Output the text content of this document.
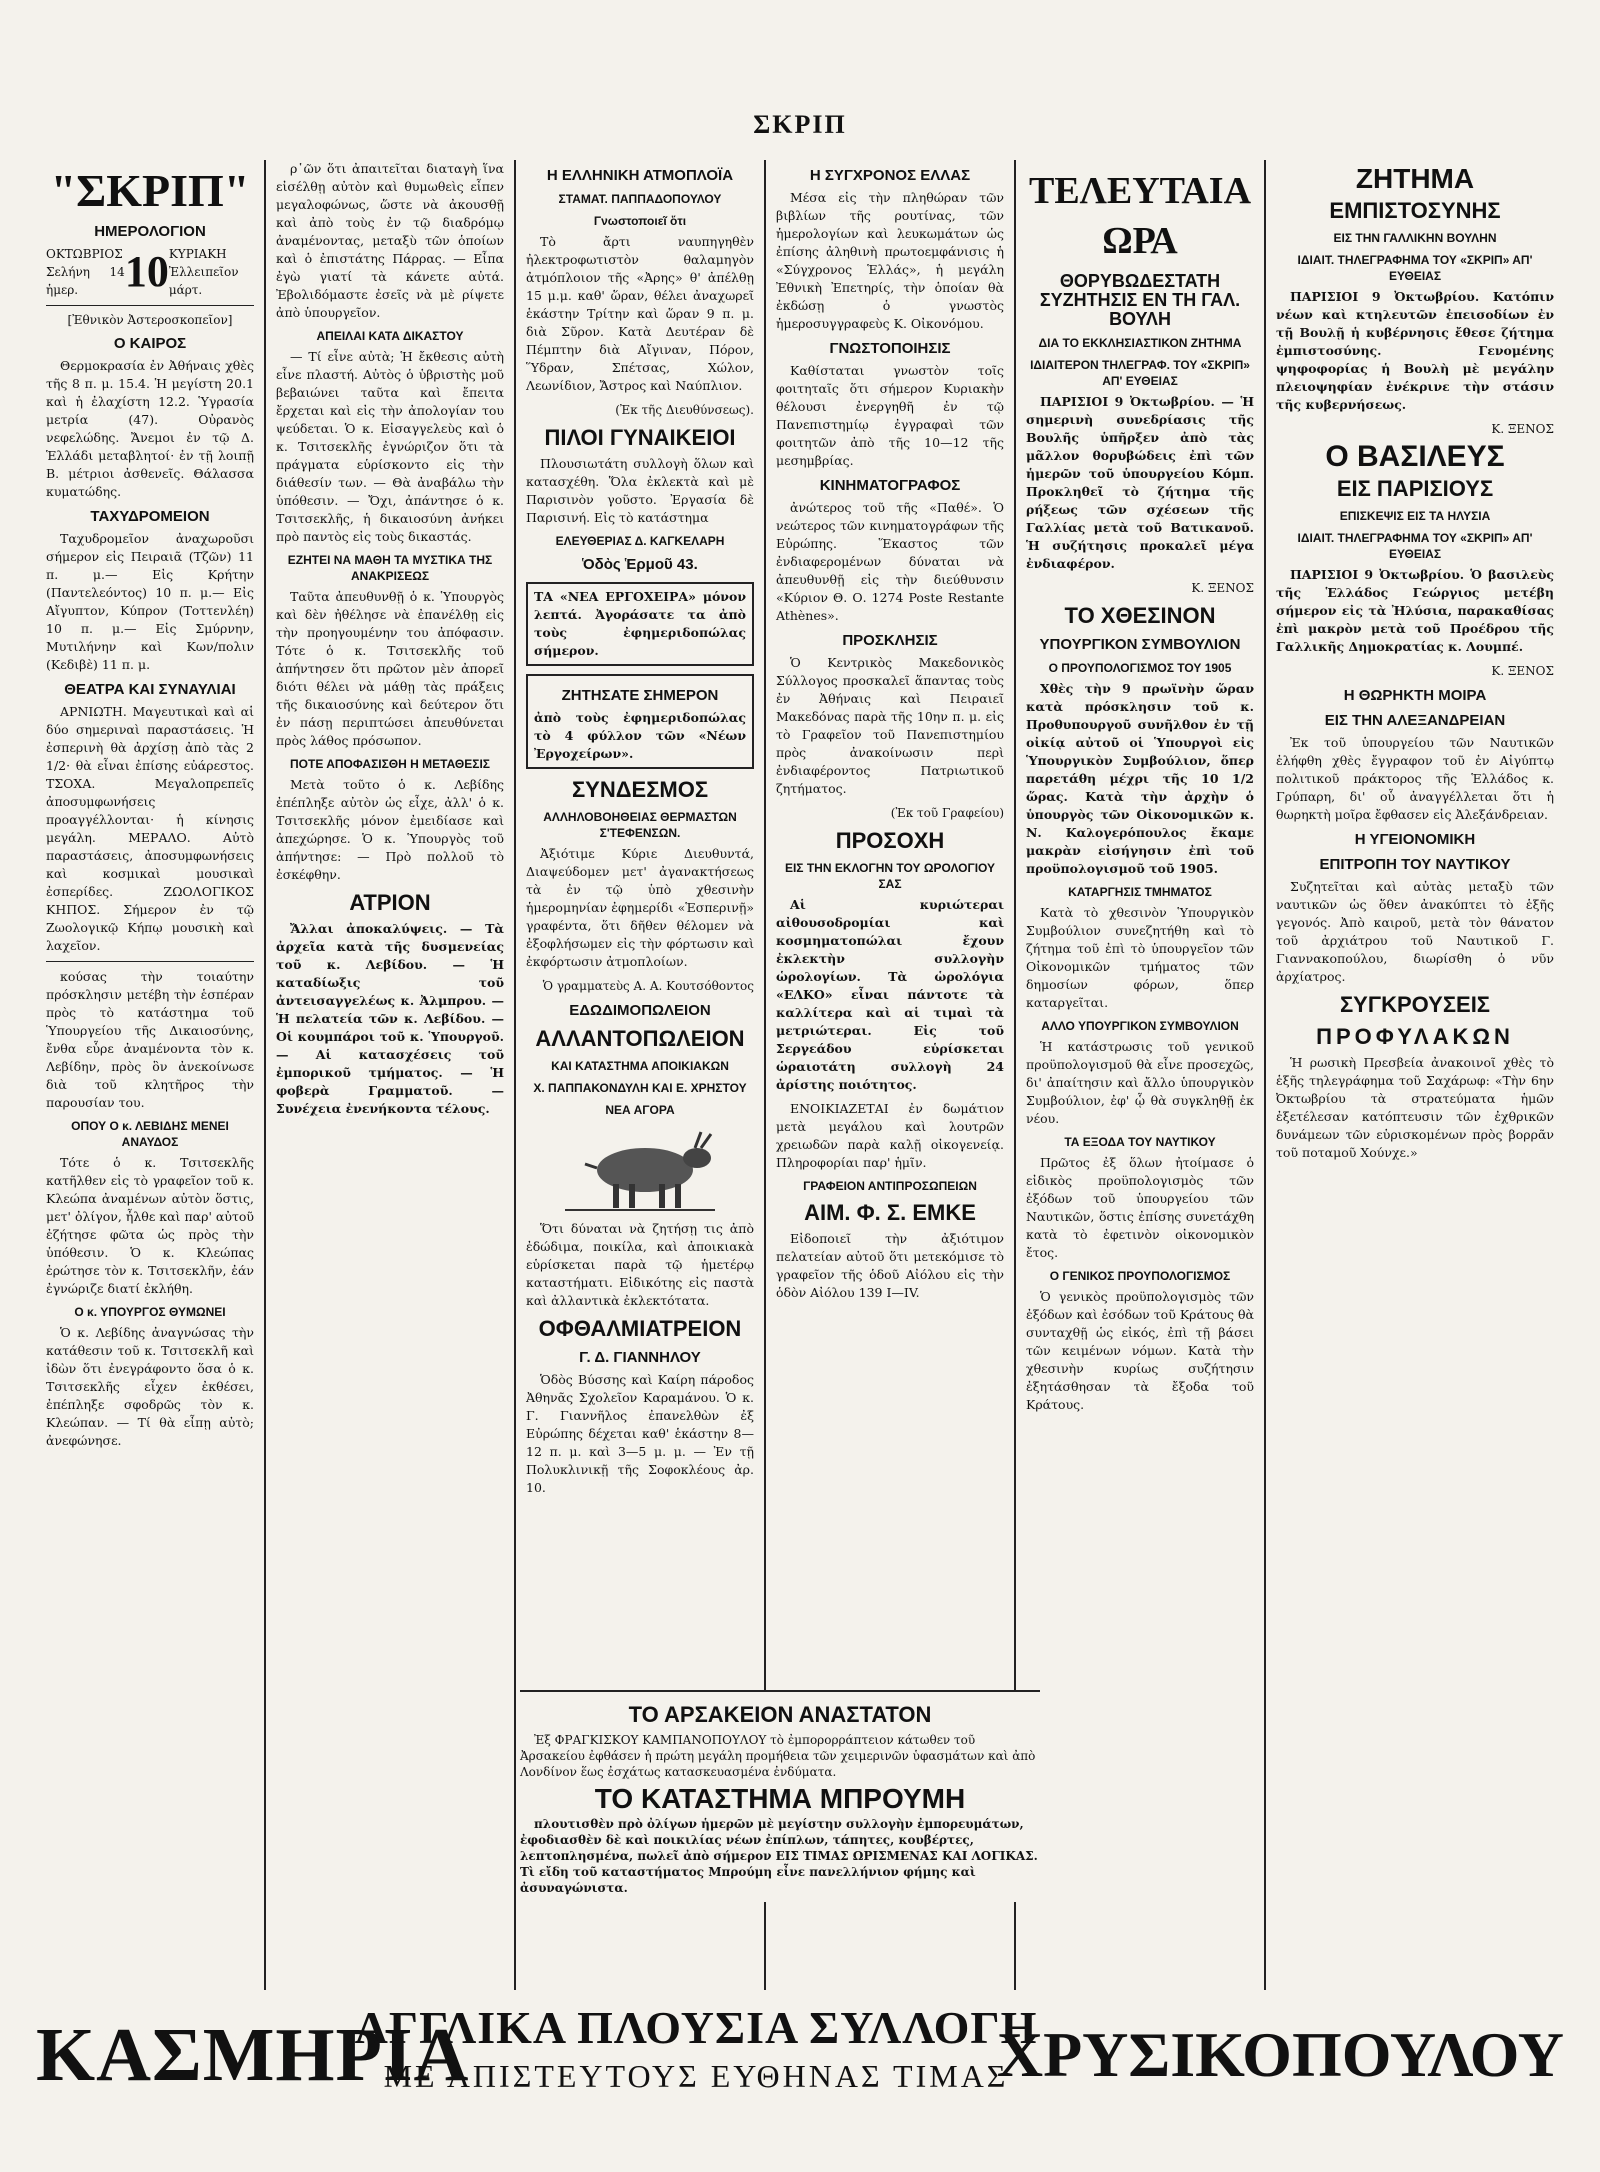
ΣΚΡΙΠ
"ΣΚΡΙΠ"
ΗΜΕΡΟΛΟΓΙΟΝ
ΟΚΤΩΒΡΙΟΣ
Σελήνη 14 ἡμερ.	10 ΚΥΡΙΑΚΗ
Ἐλλειπεῖον μάρτ.
[Ἐθνικὸν Ἀστεροσκοπεῖον]
Ο ΚΑΙΡΟΣ

Θερμοκρασία ἐν Ἀθήναις χθὲς τῆς 8 π. μ. 15.4. Ἡ μεγίστη 20.1 καὶ ἡ ἐλαχίστη 12.2. Ὑγρασία μετρία (47). Οὐρανὸς νεφελώδης. Ἄνεμοι ἐν τῷ Δ. Ἑλλάδι μεταβλητοί· ἐν τῇ λοιπῇ Β. μέτριοι ἀσθενεῖς. Θάλασσα κυματώδης.

ΤΑΧΥΔΡΟΜΕΙΟΝ

Ταχυδρομεῖον ἀναχωροῦσι σήμερον εἰς Πειραιᾶ (Τζῶν) 11 π. μ.— Εἰς Κρήτην (Παντελεόντος) 10 π. μ.— Εἰς Αἴγυπτον, Κύπρον (Τοττενλέη) 10 π. μ.— Εἰς Σμύρνην, Μυτιλήνην καὶ Κων/πολιν (Κεδιβὲ) 11 π. μ.

ΘΕΑΤΡΑ ΚΑΙ ΣΥΝΑΥΛΙΑΙ

ΑΡΝΙΩΤΗ. Μαγευτικαὶ καὶ αἱ δύο σημεριναὶ παραστάσεις. Ἡ ἐσπερινὴ θὰ ἀρχίσῃ ἀπὸ τὰς 2 1/2· θὰ εἶναι ἐπίσης εὐάρεστος. ΤΣΟΧΑ. Μεγαλοπρεπεῖς ἀποσυμφωνήσεις προαγγέλλονται· ἡ κίνησις μεγάλη. ΜΕΡΑΛΟ. Αὐτὸ παραστάσεις, ἀποσυμφωνήσεις καὶ κοσμικαὶ μουσικαὶ ἐσπερίδες. ΖΩΟΛΟΓΙΚΟΣ ΚΗΠΟΣ. Σήμερον ἐν τῷ Ζωολογικῷ Κήπῳ μουσικὴ καὶ λαχεῖον.

κούσας τὴν τοιαύτην πρόσκλησιν μετέβη τὴν ἑσπέραν πρὸς τὸ κατάστημα τοῦ Ὑπουργείου τῆς Δικαιοσύνης, ἔνθα εὗρε ἀναμένοντα τὸν κ. Λεβίδην, πρὸς ὃν ἀνεκοίνωσε διὰ τοῦ κλητῆρος τὴν παρουσίαν του.

ΟΠΟΥ Ο κ. ΛΕΒΙΔΗΣ ΜΕΝΕΙ ΑΝΑΥΔΟΣ

Τότε ὁ κ. Τσιτσεκλῆς κατῆλθεν εἰς τὸ γραφεῖον τοῦ κ. Κλεώπα ἀναμένων αὐτὸν ὅστις, μετ' ὀλίγον, ἦλθε καὶ παρ' αὐτοῦ ἐζήτησε φῶτα ὡς πρὸς τὴν ὑπόθεσιν. Ὁ κ. Κλεώπας ἐρώτησε τὸν κ. Τσιτσεκλῆν, ἐάν ἐγνώριζε διατί ἐκλήθη.

Ο κ. ΥΠΟΥΡΓΟΣ ΘΥΜΩΝΕΙ

Ὁ κ. Λεβίδης ἀναγνώσας τὴν κατάθεσιν τοῦ κ. Τσιτσεκλῆ καὶ ἰδὼν ὅτι ἐνεγράφοντο ὅσα ὁ κ. Τσιτσεκλῆς εἶχεν ἐκθέσει, ἐπέπληξε σφοδρῶς τὸν κ. Κλεώπαν. — Τί θὰ εἶπῃ αὐτὸ; ἀνεφώνησε.

ρ῾ῶν ὅτι ἀπαιτεῖται διαταγὴ ἵνα εἰσέλθῃ αὐτὸν καὶ θυμωθεὶς εἶπεν μεγαλοφώνως, ὥστε νὰ ἀκουσθῇ καὶ ἀπὸ τοὺς ἐν τῷ διαδρόμῳ ἀναμένοντας, μεταξὺ τῶν ὁποίων καὶ ὁ ἐπιστάτης Πάρρας. — Εἶπα ἐγὼ γιατί τὰ κάνετε αὐτά. Ἐβολιδόμαστε ἐσεῖς νὰ μὲ ρίψετε ἀπὸ ὑπουργεῖον.

ΑΠΕΙΛΑΙ ΚΑΤΑ ΔΙΚΑΣΤΟΥ

— Τί εἶνε αὐτὰ; Ἡ ἔκθεσις αὐτὴ εἶνε πλαστή. Αὐτὸς ὁ ὑβριστὴς μοῦ βεβαιώνει ταῦτα καὶ ἔπειτα ἔρχεται καὶ εἰς τὴν ἀπολογίαν του ψεύδεται. Ὁ κ. Εἰσαγγελεὺς καὶ ὁ κ. Τσιτσεκλῆς ἐγνώριζον ὅτι τὰ πράγματα εὑρίσκοντο εἰς τὴν διάθεσίν των. — Θὰ ἀναβάλω τὴν ὑπόθεσιν. — Ὄχι, ἀπάντησε ὁ κ. Τσιτσεκλῆς, ἡ δικαιοσύνη ἀνήκει πρὸ παντὸς εἰς τοὺς δικαστάς.

ΕΖΗΤΕΙ ΝΑ ΜΑΘΗ ΤΑ ΜΥΣΤΙΚΑ ΤΗΣ ΑΝΑΚΡΙΣΕΩΣ

Ταῦτα ἀπευθυνθῇ ὁ κ. Ὑπουργὸς καὶ δὲν ἠθέλησε νὰ ἐπανέλθῃ εἰς τὴν προηγουμένην του ἀπόφασιν. Τότε ὁ κ. Τσιτσεκλῆς τοῦ ἀπήντησεν ὅτι πρῶτον μὲν ἀπορεῖ διότι θέλει νὰ μάθῃ τὰς πράξεις τῆς δικαιοσύνης καὶ δεύτερον ὅτι ἐν πάσῃ περιπτώσει ἀπευθύνεται πρὸς λάθος πρόσωπον.

ΠΟΤΕ ΑΠΟΦΑΣΙΣΘΗ Η ΜΕΤΑΘΕΣΙΣ

Μετὰ τοῦτο ὁ κ. Λεβίδης ἐπέπληξε αὐτὸν ὡς εἶχε, ἀλλ' ὁ κ. Τσιτσεκλῆς μόνον ἐμειδίασε καὶ ἀπεχώρησε. Ὁ κ. Ὑπουργὸς τοῦ ἀπήντησε: — Πρὸ πολλοῦ τὸ ἐσκέφθην.

ΑΤΡΙΟΝ

Ἄλλαι ἀποκαλύψεις. — Τὰ ἀρχεῖα κατὰ τῆς δυσμενείας τοῦ κ. Λεβίδου. — Ἡ καταδίωξις τοῦ ἀντεισαγγελέως κ. Ἀλμπρου. — Ἡ πελατεία τῶν κ. Λεβίδου. — Οἱ κουμπάροι τοῦ κ. Ὑπουργοῦ. — Αἱ κατασχέσεις τοῦ ἐμπορικοῦ τμήματος. — Ἡ φοβερὰ Γραμματοῦ. — Συνέχεια ἐνενήκοντα τέλους.

Η ΕΛΛΗΝΙΚΗ ΑΤΜΟΠΛΟΪΑ
ΣΤΑΜΑΤ. ΠΑΠΠΑΔΟΠΟΥΛΟΥ
Γνωστοποιεῖ ὅτι

Τὸ ἄρτι ναυπηγηθὲν ἠλεκτροφωτιστὸν θαλαμηγὸν ἀτμόπλοιον τῆς «Ἀρης» θ' ἀπέλθῃ 15 μ.μ. καθ' ὥραν, θέλει ἀναχωρεῖ ἑκάστην Τρίτην καὶ ὥραν 9 π. μ. διὰ Σῦρον. Κατὰ Δευτέραν δὲ Πέμπτην διὰ Αἴγιναν, Πόρον, Ὕδραν, Σπέτσας, Χώλον, Λεωνίδιον, Ἄστρος καὶ Ναύπλιον.

(Ἐκ τῆς Διευθύνσεως).
ΠΙΛΟΙ ΓΥΝΑΙΚΕΙΟΙ

Πλουσιωτάτη συλλογὴ ὅλων καὶ κατασχέθη. Ὅλα ἐκλεκτὰ καὶ μὲ Παρισινὸν γοῦστο. Ἐργασία δὲ Παρισινή. Εἰς τὸ κατάστημα

ΕΛΕΥΘΕΡΙΑΣ Δ. ΚΑΓΚΕΛΑΡΗ
Ὁδὸς Ἑρμοῦ 43.
ΤΑ «ΝΕΑ ΕΡΓΟΧΕΙΡΑ» μόνον λεπτά. Ἀγοράσατε τα ἀπὸ τοὺς ἐφημεριδοπώλας σήμερον.
ΖΗΤΗΣΑΤΕ ΣΗΜΕΡΟΝ
ἀπὸ τοὺς ἐφημεριδοπώλας τὸ 4 φύλλον τῶν «Νέων Ἐργοχείρων».
ΣΥΝΔΕΣΜΟΣ
ΑΛΛΗΛΟΒΟΗΘΕΙΑΣ ΘΕΡΜΑΣΤΩΝ Σ'ΤΕΦΕΝΣΩΝ.

Ἀξιότιμε Κύριε Διευθυντά, Διαψεύδομεν μετ' ἀγανακτήσεως τὰ ἐν τῷ ὑπὸ χθεσινὴν ἡμερομηνίαν ἐφημερίδι «Ἑσπερινῇ» γραφέντα, ὅτι δῆθεν θέλομεν νὰ ἐξοφλήσωμεν εἰς τὴν φόρτωσιν καὶ ἐκφόρτωσιν ἀτμοπλοίων.

Ὁ γραμματεὺς Α. Α. Κουτσόθοντος
ΕΔΩΔΙΜΟΠΩΛΕΙΟΝ
ΑΛΛΑΝΤΟΠΩΛΕΙΟΝ
ΚΑΙ ΚΑΤΑΣΤΗΜΑ ΑΠΟΙΚΙΑΚΩΝ
Χ. ΠΑΠΠΑΚΟΝΔΥΛΗ ΚΑΙ Ε. ΧΡΗΣΤΟΥ
ΝΕΑ ΑΓΟΡΑ

Ὅτι δύναται νὰ ζητήσῃ τις ἀπὸ ἐδώδιμα, ποικίλα, καὶ ἀποικιακὰ εὑρίσκεται παρὰ τῷ ἡμετέρῳ καταστήματι. Εἰδικότης εἰς παστὰ καὶ ἀλλαντικὰ ἐκλεκτότατα.

ΟΦΘΑΛΜΙΑΤΡΕΙΟΝ
Γ. Δ. ΓΙΑΝΝΗΛΟΥ

Ὁδὸς Βύσσης καὶ Καίρη πάροδος Ἀθηνᾶς Σχολεῖον Καραμάνου. Ὁ κ. Γ. Γιαννῆλος ἐπανελθὼν ἐξ Εὐρώπης δέχεται καθ' ἑκάστην 8—12 π. μ. καὶ 3—5 μ. μ. — Ἐν τῇ Πολυκλινικῇ τῆς Σοφοκλέους ἀρ. 10.

Η ΣΥΓΧΡΟΝΟΣ ΕΛΛΑΣ

Μέσα εἰς τὴν πληθώραν τῶν βιβλίων τῆς ρουτίνας, τῶν ἡμερολογίων καὶ λευκωμάτων ὡς ἐπίσης ἀληθινὴ πρωτοεμφάνισις ἡ «Σύγχρονος Ἑλλάς», ἡ μεγάλη Ἐθνικὴ Ἐπετηρίς, τὴν ὁποίαν θὰ ἐκδώσῃ ὁ γνωστὸς ἡμεροσυγγραφεὺς Κ. Οἰκονόμου.

ΓΝΩΣΤΟΠΟΙΗΣΙΣ

Καθίσταται γνωστὸν τοῖς φοιτηταῖς ὅτι σήμερον Κυριακὴν θέλουσι ἐνεργηθῆ ἐν τῷ Πανεπιστημίῳ ἐγγραφαὶ τῶν φοιτητῶν ἀπὸ τῆς 10—12 τῆς μεσημβρίας.

ΚΙΝΗΜΑΤΟΓΡΑΦΟΣ

ἀνώτερος τοῦ τῆς «Παθέ». Ὁ νεώτερος τῶν κινηματογράφων τῆς Εὐρώπης. Ἕκαστος τῶν ἐνδιαφερομένων δύναται νὰ ἀπευθυνθῇ εἰς τὴν διεύθυνσιν «Κύριον Θ. Ο. 1274 Poste Restante Athènes».

ΠΡΟΣΚΛΗΣΙΣ

Ὁ Κεντρικὸς Μακεδονικὸς Σύλλογος προσκαλεῖ ἅπαντας τοὺς ἐν Ἀθήναις καὶ Πειραιεῖ Μακεδόνας παρὰ τῆς 10ην π. μ. εἰς τὸ Γραφεῖον τοῦ Πανεπιστημίου πρὸς ἀνακοίνωσιν περὶ ἐνδιαφέροντος Πατριωτικοῦ ζητήματος.

(Ἐκ τοῦ Γραφείου)
ΠΡΟΣΟΧΗ
ΕΙΣ ΤΗΝ ΕΚΛΟΓΗΝ ΤΟΥ ΩΡΟΛΟΓΙΟΥ ΣΑΣ

Αἱ κυριώτεραι αἰθουσοδρομίαι καὶ κοσμηματοπώλαι ἔχουν ἐκλεκτὴν συλλογὴν ὡρολογίων. Τὰ ὡρολόγια «ΕΛΚΟ» εἶναι πάντοτε τὰ καλλίτερα καὶ αἱ τιμαὶ τὰ μετριώτεραι. Εἰς τοῦ Σεργεάδου εὑρίσκεται ὡραιοτάτη συλλογὴ 24 ἀρίστης ποιότητος.

ΕΝΟΙΚΙΑΖΕΤΑΙ ἐν δωμάτιον μετὰ μεγάλου καὶ λουτρῶν χρειωδῶν παρὰ καλῇ οἰκογενείᾳ. Πληροφορίαι παρ' ἡμῖν.

ΓΡΑΦΕΙΟΝ ΑΝΤΙΠΡΟΣΩΠΕΙΩΝ
ΑΙΜ. Φ. Σ. ΕΜΚΕ

Εἰδοποιεῖ τὴν ἀξιότιμον πελατείαν αὐτοῦ ὅτι μετεκόμισε τὸ γραφεῖον τῆς ὁδοῦ Αἰόλου εἰς τὴν ὁδὸν Αἰόλου 139 Ι—ΙV.

ΤΕΛΕΥΤΑΙΑ ΩΡΑ
ΘΟΡΥΒΩΔΕΣΤΑΤΗ ΣΥΖΗΤΗΣΙΣ ΕΝ ΤΗ ΓΑΛ. ΒΟΥΛΗ
ΔΙΑ ΤΟ ΕΚΚΛΗΣΙΑΣΤΙΚΟΝ ΖΗΤΗΜΑ
ΙΔΙΑΙΤΕΡΟΝ ΤΗΛΕΓΡΑΦ. ΤΟΥ «ΣΚΡΙΠ» ΑΠ' ΕΥΘΕΙΑΣ

ΠΑΡΙΣΙΟΙ 9 Ὀκτωβρίου. — Ἡ σημερινὴ συνεδρίασις τῆς Βουλῆς ὑπῆρξεν ἀπὸ τὰς μᾶλλον θορυβώδεις ἐπὶ τῶν ἡμερῶν τοῦ ὑπουργείου Κόμπ. Προκληθεῖ τὸ ζήτημα τῆς ρήξεως τῶν σχέσεων τῆς Γαλλίας μετὰ τοῦ Βατικανοῦ. Ἡ συζήτησις προκαλεῖ μέγα ἐνδιαφέρον.

Κ. ΞΕΝΟΣ
ΤΟ ΧΘΕΣΙΝΟΝ
ΥΠΟΥΡΓΙΚΟΝ ΣΥΜΒΟΥΛΙΟΝ
Ο ΠΡΟΥΠΟΛΟΓΙΣΜΟΣ ΤΟΥ 1905

Χθὲς τὴν 9 πρωϊνὴν ὥραν κατὰ πρόσκλησιν τοῦ κ. Προθυπουργοῦ συνῆλθον ἐν τῇ οἰκίᾳ αὐτοῦ οἱ Ὑπουργοὶ εἰς Ὑπουργικὸν Συμβούλιον, ὅπερ παρετάθη μέχρι τῆς 10 1/2 ὥρας. Κατὰ τὴν ἀρχὴν ὁ ὑπουργὸς τῶν Οἰκονομικῶν κ. Ν. Καλογερόπουλος ἔκαμε μακρὰν εἰσήγησιν ἐπὶ τοῦ προϋπολογισμοῦ τοῦ 1905.

ΚΑΤΑΡΓΗΣΙΣ ΤΜΗΜΑΤΟΣ

Κατὰ τὸ χθεσινὸν Ὑπουργικὸν Συμβούλιον συνεζητήθη καὶ τὸ ζήτημα τοῦ ἐπὶ τὸ ὑπουργεῖον τῶν Οἰκονομικῶν τμήματος τῶν δημοσίων φόρων, ὅπερ καταργεῖται.

ΑΛΛΟ ΥΠΟΥΡΓΙΚΟΝ ΣΥΜΒΟΥΛΙΟΝ

Ἡ κατάστρωσις τοῦ γενικοῦ προϋπολογισμοῦ θὰ εἶνε προσεχῶς, δι' ἀπαίτησιν καὶ ἄλλο ὑπουργικὸν Συμβούλιον, ἐφ' ᾧ θὰ συγκληθῇ ἐκ νέου.

ΤΑ ΕΞΟΔΑ ΤΟΥ ΝΑΥΤΙΚΟΥ

Πρῶτος ἐξ ὅλων ἠτοίμασε ὁ εἰδικὸς προϋπολογισμὸς τῶν ἐξόδων τοῦ ὑπουργείου τῶν Ναυτικῶν, ὅστις ἐπίσης συνετάχθη κατὰ τὸ ἐφετινὸν οἰκονομικὸν ἔτος.

Ο ΓΕΝΙΚΟΣ ΠΡΟΥΠΟΛΟΓΙΣΜΟΣ

Ὁ γενικὸς προϋπολογισμὸς τῶν ἐξόδων καὶ ἐσόδων τοῦ Κράτους θὰ συνταχθῇ ὡς εἰκός, ἐπὶ τῇ βάσει τῶν κειμένων νόμων. Κατὰ τὴν χθεσινὴν κυρίως συζήτησιν ἐξητάσθησαν τὰ ἔξοδα τοῦ Κράτους.

ΖΗΤΗΜΑ
ΕΜΠΙΣΤΟΣΥΝΗΣ
ΕΙΣ ΤΗΝ ΓΑΛΛΙΚΗΝ ΒΟΥΛΗΝ
ΙΔΙΑΙΤ. ΤΗΛΕΓΡΑΦΗΜΑ ΤΟΥ «ΣΚΡΙΠ» ΑΠ' ΕΥΘΕΙΑΣ

ΠΑΡΙΣΙΟΙ 9 Ὀκτωβρίου. Κατόπιν νέων καὶ κτηλευτῶν ἐπεισοδίων ἐν τῇ Βουλῇ ἡ κυβέρνησις ἔθεσε ζήτημα ἐμπιστοσύνης. Γενομένης ψηφοφορίας ἡ Βουλὴ μὲ μεγάλην πλειοψηφίαν ἐνέκρινε τὴν στάσιν τῆς κυβερνήσεως.

Κ. ΞΕΝΟΣ
Ο ΒΑΣΙΛΕΥΣ
ΕΙΣ ΠΑΡΙΣΙΟΥΣ
ΕΠΙΣΚΕΨΙΣ ΕΙΣ ΤΑ ΗΛΥΣΙΑ
ΙΔΙΑΙΤ. ΤΗΛΕΓΡΑΦΗΜΑ ΤΟΥ «ΣΚΡΙΠ» ΑΠ' ΕΥΘΕΙΑΣ

ΠΑΡΙΣΙΟΙ 9 Ὀκτωβρίου. Ὁ βασιλεὺς τῆς Ἑλλάδος Γεώργιος μετέβη σήμερον εἰς τὰ Ἠλύσια, παρακαθίσας ἐπὶ μακρὸν μετὰ τοῦ Προέδρου τῆς Γαλλικῆς Δημοκρατίας κ. Λουμπέ.

Κ. ΞΕΝΟΣ
Η ΘΩΡΗΚΤΗ ΜΟΙΡΑ
ΕΙΣ ΤΗΝ ΑΛΕΞΑΝΔΡΕΙΑΝ

Ἐκ τοῦ ὑπουργείου τῶν Ναυτικῶν ἐλήφθη χθὲς ἔγγραφον τοῦ ἐν Αἰγύπτῳ πολιτικοῦ πράκτορος τῆς Ἑλλάδος κ. Γρύπαρη, δι' οὗ ἀναγγέλλεται ὅτι ἡ θωρηκτὴ μοῖρα ἔφθασεν εἰς Ἀλεξάνδρειαν.

Η ΥΓΕΙΟΝΟΜΙΚΗ
ΕΠΙΤΡΟΠΗ ΤΟΥ ΝΑΥΤΙΚΟΥ

Συζητεῖται καὶ αὐτὰς μεταξὺ τῶν ναυτικῶν ὡς ὅθεν ἀνακύπτει τὸ ἑξῆς γεγονός. Ἀπὸ καιροῦ, μετὰ τὸν θάνατον τοῦ ἀρχιάτρου τοῦ Ναυτικοῦ Γ. Γιαννακοπούλου, διωρίσθη ὁ νῦν ἀρχίατρος.

ΣΥΓΚΡΟΥΣΕΙΣ
ΠΡΟΦΥΛΑΚΩΝ

Ἡ ρωσικὴ Πρεσβεία ἀνακοινοῖ χθὲς τὸ ἑξῆς τηλεγράφημα τοῦ Σαχάρωφ: «Τὴν 6ην Ὀκτωβρίου τὰ στρατεύματα ἡμῶν ἐξετέλεσαν κατόπτευσιν τῶν ἐχθρικῶν δυνάμεων τῶν εὑρισκομένων πρὸς βορρᾶν τοῦ ποταμοῦ Χούνχε.»

ΤΟ ΑΡΣΑΚΕΙΟΝ ΑΝΑΣΤΑΤΟΝ

Ἐξ ΦΡΑΓΚΙΣΚΟΥ ΚΑΜΠΑΝΟΠΟΥΛΟΥ τὸ ἐμπορορράπτειον κάτωθεν τοῦ Ἀρσακείου ἐφθάσεν ἡ πρώτη μεγάλη προμήθεια τῶν χειμερινῶν ὑφασμάτων καὶ ἀπὸ Λονδίνον ἕως ἐσχάτως κατασκευασμένα ἐνδύματα.

ΤΟ ΚΑΤΑΣΤΗΜΑ ΜΠΡΟΥΜΗ

πλουτισθὲν πρὸ ὀλίγων ἡμερῶν μὲ μεγίστην συλλογὴν ἐμπορευμάτων, ἐφοδιασθὲν δὲ καὶ ποικιλίας νέων ἐπίπλων, τάπητες, κουβέρτες, λεπτοπλησμένα, πωλεῖ ἀπὸ σήμερον ΕΙΣ ΤΙΜΑΣ ΩΡΙΣΜΕΝΑΣ ΚΑΙ ΛΟΓΙΚΑΣ. Τὶ εἴδη τοῦ καταστήματος Μπρούμη εἶνε πανελλήνιον φήμης καὶ ἀσυναγώνιστα.

ΚΑΣΜΗΡΙΑ
ΑΓΓΛΙΚΑ ΠΛΟΥΣΙΑ ΣΥΛΛΟΓΗ
ΜΕ ΑΠΙΣΤΕΥΤΟΥΣ ΕΥΘΗΝΑΣ ΤΙΜΑΣ
ΧΡΥΣΙΚΟΠΟΥΛΟΥ
